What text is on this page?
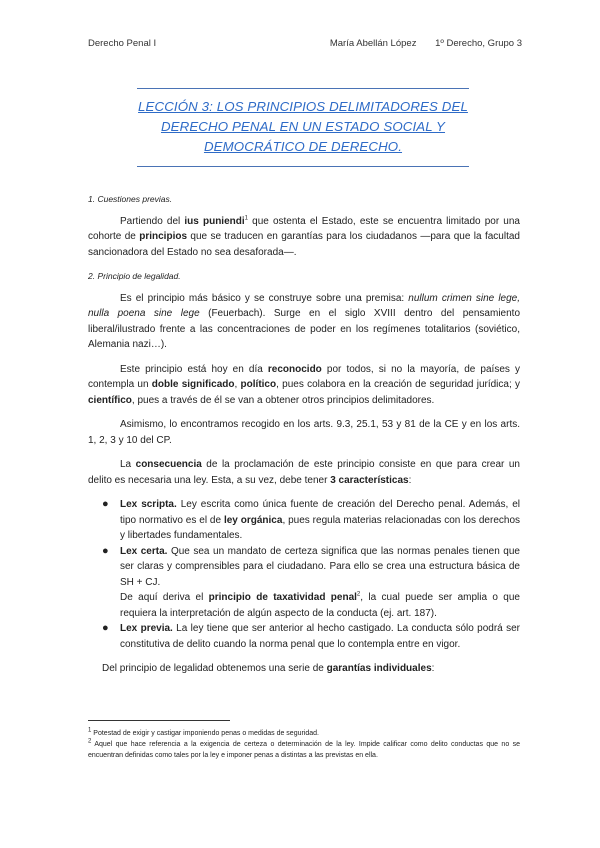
Derecho Penal I	María Abellán López 1º Derecho, Grupo 3
LECCIÓN 3: LOS PRINCIPIOS DELIMITADORES DEL
DERECHO PENAL EN UN ESTADO SOCIAL Y
DEMOCRÁTICO DE DERECHO.
1. Cuestiones previas.

Partiendo del ius puniendi$^1$ que ostenta el Estado, este se encuentra limitado por una cohorte de principios que se traducen en garantías para los ciudadanos —para que la facultad sancionadora del Estado no sea desaforada—.

2. Principio de legalidad.

Es el principio más básico y se construye sobre una premisa: nullum crimen sine lege, nulla poena sine lege (Feuerbach). Surge en el siglo XVIII dentro del pensamiento liberal/ilustrado frente a las concentraciones de poder en los regímenes totalitarios (soviético, Alemania nazi…).

Este principio está hoy en día reconocido por todos, si no la mayoría, de países y contempla un doble significado, político, pues colabora en la creación de seguridad jurídica; y científico, pues a través de él se van a obtener otros principios delimitadores.

Asimismo, lo encontramos recogido en los arts. 9.3, 25.1, 53 y 81 de la CE y en los arts. 1, 2, 3 y 10 del CP.

La consecuencia de la proclamación de este principio consiste en que para crear un delito es necesaria una ley. Esta, a su vez, debe tener 3 características:

● Lex scripta. Ley escrita como única fuente de creación del Derecho penal. Además, el tipo normativo es el de ley orgánica, pues regula materias relacionadas con los derechos y libertades fundamentales.
● Lex certa. Que sea un mandato de certeza significa que las normas penales tienen que ser claras y comprensibles para el ciudadano. Para ello se crea una estructura básica de SH + CJ.
De aquí deriva el principio de taxatividad penal$^2$, la cual puede ser amplia o que requiera la interpretación de algún aspecto de la conducta (ej. art. 187).
● Lex previa. La ley tiene que ser anterior al hecho castigado. La conducta sólo podrá ser constitutiva de delito cuando la norma penal que lo contempla entre en vigor.

Del principio de legalidad obtenemos una serie de garantías individuales:

$^1$ Potestad de exigir y castigar imponiendo penas o medidas de seguridad.
$^2$ Aquel que hace referencia a la exigencia de certeza o determinación de la ley. Impide calificar como delito conductas que no se encuentran definidas como tales por la ley e imponer penas a distintas a las previstas en ella.
